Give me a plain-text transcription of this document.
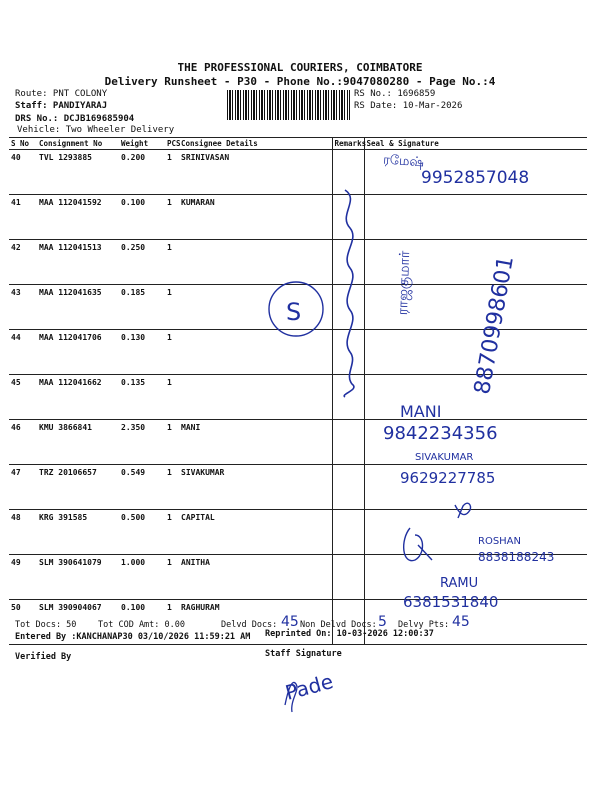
THE PROFESSIONAL COURIERS, COIMBATORE
Delivery Runsheet - P30 - Phone No.:9047080280 - Page No.:4
Route: PNT COLONY
Staff: PANDIYARAJ
DRS No.: DCJB169685904
Vehicle: Two Wheeler Delivery
RS No.: 1696859
RS Date: 10-Mar-2026
S No	Consignment No	Weight	PCS	Consignee Details	Remarks	Seal & Signature
40	TVL 1293885	0.200	1	SRINIVASAN		
41	MAA 112041592	0.100	1	KUMARAN		
42	MAA 112041513	0.250	1			
43	MAA 112041635	0.185	1			
44	MAA 112041706	0.130	1			
45	MAA 112041662	0.135	1			
46	KMU 3866841	2.350	1	MANI		
47	TRZ 20106657	0.549	1	SIVAKUMAR		
48	KRG 391585	0.500	1	CAPITAL		
49	SLM 390641079	1.000	1	ANITHA		
50	SLM 390904067	0.100	1	RAGHURAM		
S
ரமேஷ்
9952857048
ராஜகுமார்	8870998601
MANI
9842234356
SIVAKUMAR
9629227785
ROSHAN
8838188243
RAMU
6381531840
Tot Docs: 50	Tot COD Amt: 0.00	Delvd Docs: 45 Non Delvd Docs: 5 Delvy Pts: 45
Entered By :KANCHANAP30 03/10/2026 11:59:21 AM Reprinted On: 10-03-2026 12:00:37
Verified By	Staff Signature
Pade
